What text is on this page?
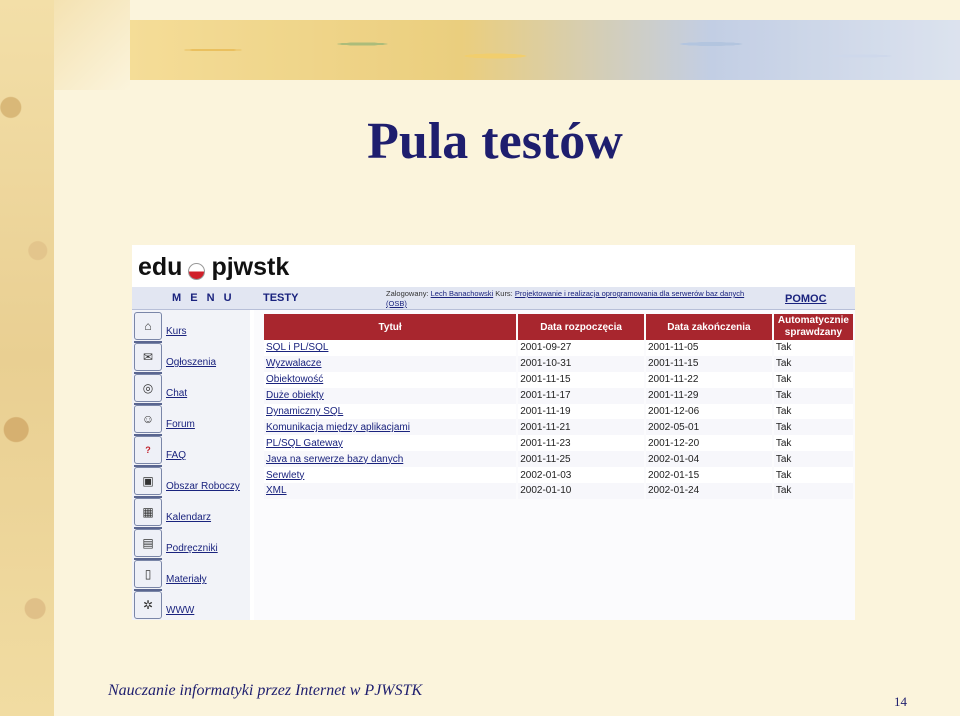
Pula testów
edu pjwstk
M E N U	TESTY	Zalogowany: Lech Banachowski Kurs: Projektowanie i realizacja oprogramowania dla serwerów baz danych (OSB)	POMOC
⌂	Kurs
✉	Ogłoszenia
◎	Chat
☺	Forum
?	FAQ
▣	Obszar Roboczy
▦	Kalendarz
▤	Podręczniki
▯	Materiały
✲	WWW
Tytuł	Data rozpoczęcia	Data zakończenia	Automatycznie sprawdzany
SQL i PL/SQL	2001-09-27	2001-11-05	Tak
Wyzwalacze	2001-10-31	2001-11-15	Tak
Obiektowość	2001-11-15	2001-11-22	Tak
Duże obiekty	2001-11-17	2001-11-29	Tak
Dynamiczny SQL	2001-11-19	2001-12-06	Tak
Komunikacja między aplikacjami	2001-11-21	2002-05-01	Tak
PL/SQL Gateway	2001-11-23	2001-12-20	Tak
Java na serwerze bazy danych	2001-11-25	2002-01-04	Tak
Serwlety	2002-01-03	2002-01-15	Tak
XML	2002-01-10	2002-01-24	Tak
Nauczanie informatyki przez Internet w PJWSTK
14
